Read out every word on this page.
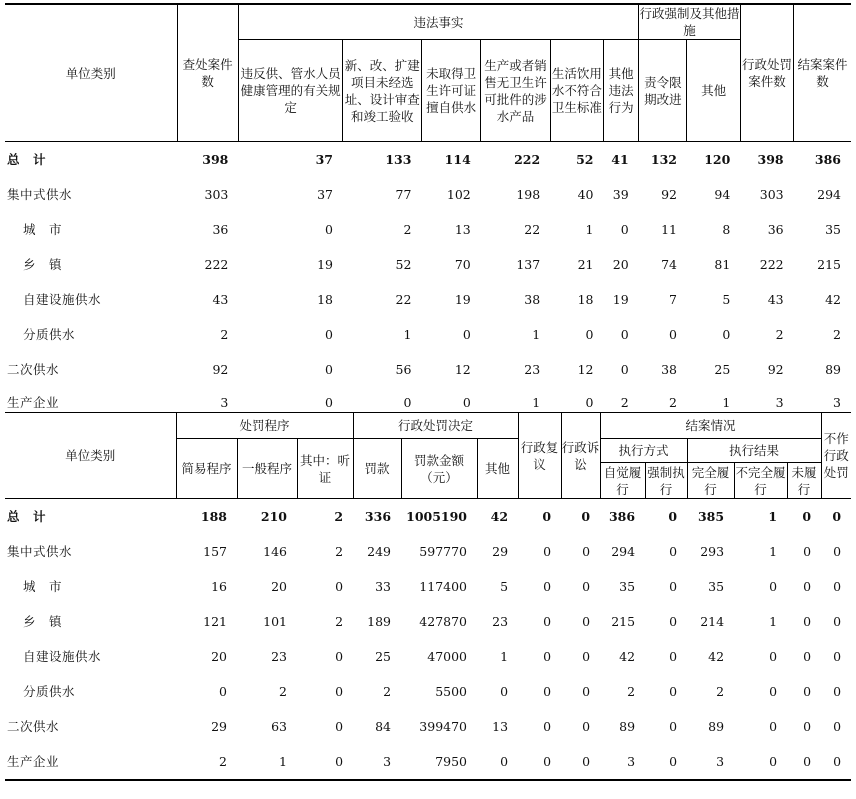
单位类别	查处案件数	违法事实						行政强制及其他措施		行政处罚案件数	结案案件数
		违反供、管水人员健康管理的有关规定	新、改、扩建项目未经选址、设计审查和竣工验收	未取得卫生许可证擅自供水	生产或者销售无卫生许可批件的涉水产品	生活饮用水不符合卫生标准	其他违法行为	责令限期改进	其他		
总　计	398	37	133	114	222	52	41	132	120	398	386
集中式供水	303	37	77	102	198	40	39	92	94	303	294
城　市	36	0	2	13	22	1	0	11	8	36	35
乡　镇	222	19	52	70	137	21	20	74	81	222	215
自建设施供水	43	18	22	19	38	18	19	7	5	43	42
分质供水	2	0	1	0	1	0	0	0	0	2	2
二次供水	92	0	56	12	23	12	0	38	25	92	89
生产企业	3	0	0	0	1	0	2	2	1	3	3
单位类别	处罚程序			行政处罚决定			行政复议	行政诉讼	结案情况					不作行政处罚
	简易程序	一般程序	其中：听证	罚款	罚款金额（元）	其他			执行方式		执行结果			
									自觉履行	强制执行	完全履行	不完全履行	未履行	
总　计	188	210	2	336	1005190	42	0	0	386	0	385	1	0	0
集中式供水	157	146	2	249	597770	29	0	0	294	0	293	1	0	0
城　市	16	20	0	33	117400	5	0	0	35	0	35	0	0	0
乡　镇	121	101	2	189	427870	23	0	0	215	0	214	1	0	0
自建设施供水	20	23	0	25	47000	1	0	0	42	0	42	0	0	0
分质供水	0	2	0	2	5500	0	0	0	2	0	2	0	0	0
二次供水	29	63	0	84	399470	13	0	0	89	0	89	0	0	0
生产企业	2	1	0	3	7950	0	0	0	3	0	3	0	0	0
